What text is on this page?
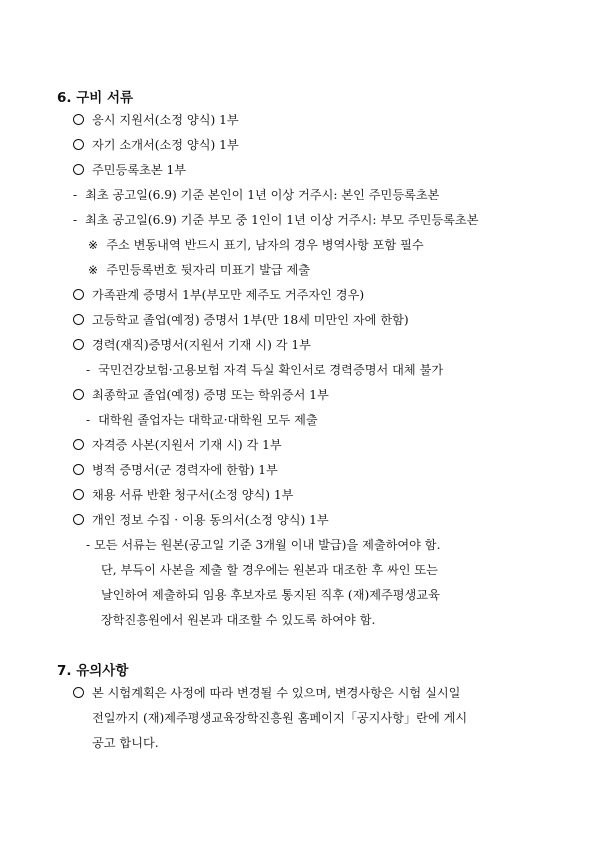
6. 구비 서류
응시 지원서(소정 양식) 1부
자기 소개서(소정 양식) 1부
주민등록초본 1부
- 최초 공고일(6.9) 기준 본인이 1년 이상 거주시: 본인 주민등록초본
- 최초 공고일(6.9) 기준 부모 중 1인이 1년 이상 거주시: 부모 주민등록초본
※ 주소 변동내역 반드시 표기, 남자의 경우 병역사항 포함 필수
※ 주민등록번호 뒷자리 미표기 발급 제출
가족관계 증명서 1부(부모만 제주도 거주자인 경우)
고등학교 졸업(예정) 증명서 1부(만 18세 미만인 자에 한함)
경력(재직)증명서(지원서 기재 시) 각 1부
- 국민건강보험·고용보험 자격 득실 확인서로 경력증명서 대체 불가
최종학교 졸업(예정) 증명 또는 학위증서 1부
- 대학원 졸업자는 대학교·대학원 모두 제출
자격증 사본(지원서 기재 시) 각 1부
병적 증명서(군 경력자에 한함) 1부
채용 서류 반환 청구서(소정 양식) 1부
개인 정보 수집 · 이용 동의서(소정 양식) 1부
- 모든 서류는 원본(공고일 기준 3개월 이내 발급)을 제출하여야 함.
단, 부득이 사본을 제출 할 경우에는 원본과 대조한 후 싸인 또는
날인하여 제출하되 임용 후보자로 통지된 직후 (재)제주평생교육
장학진흥원에서 원본과 대조할 수 있도록 하여야 함.
7. 유의사항
본 시험계획은 사정에 따라 변경될 수 있으며, 변경사항은 시험 실시일
전일까지 (재)제주평생교육장학진흥원 홈페이지「공지사항」란에 게시
공고 합니다.
